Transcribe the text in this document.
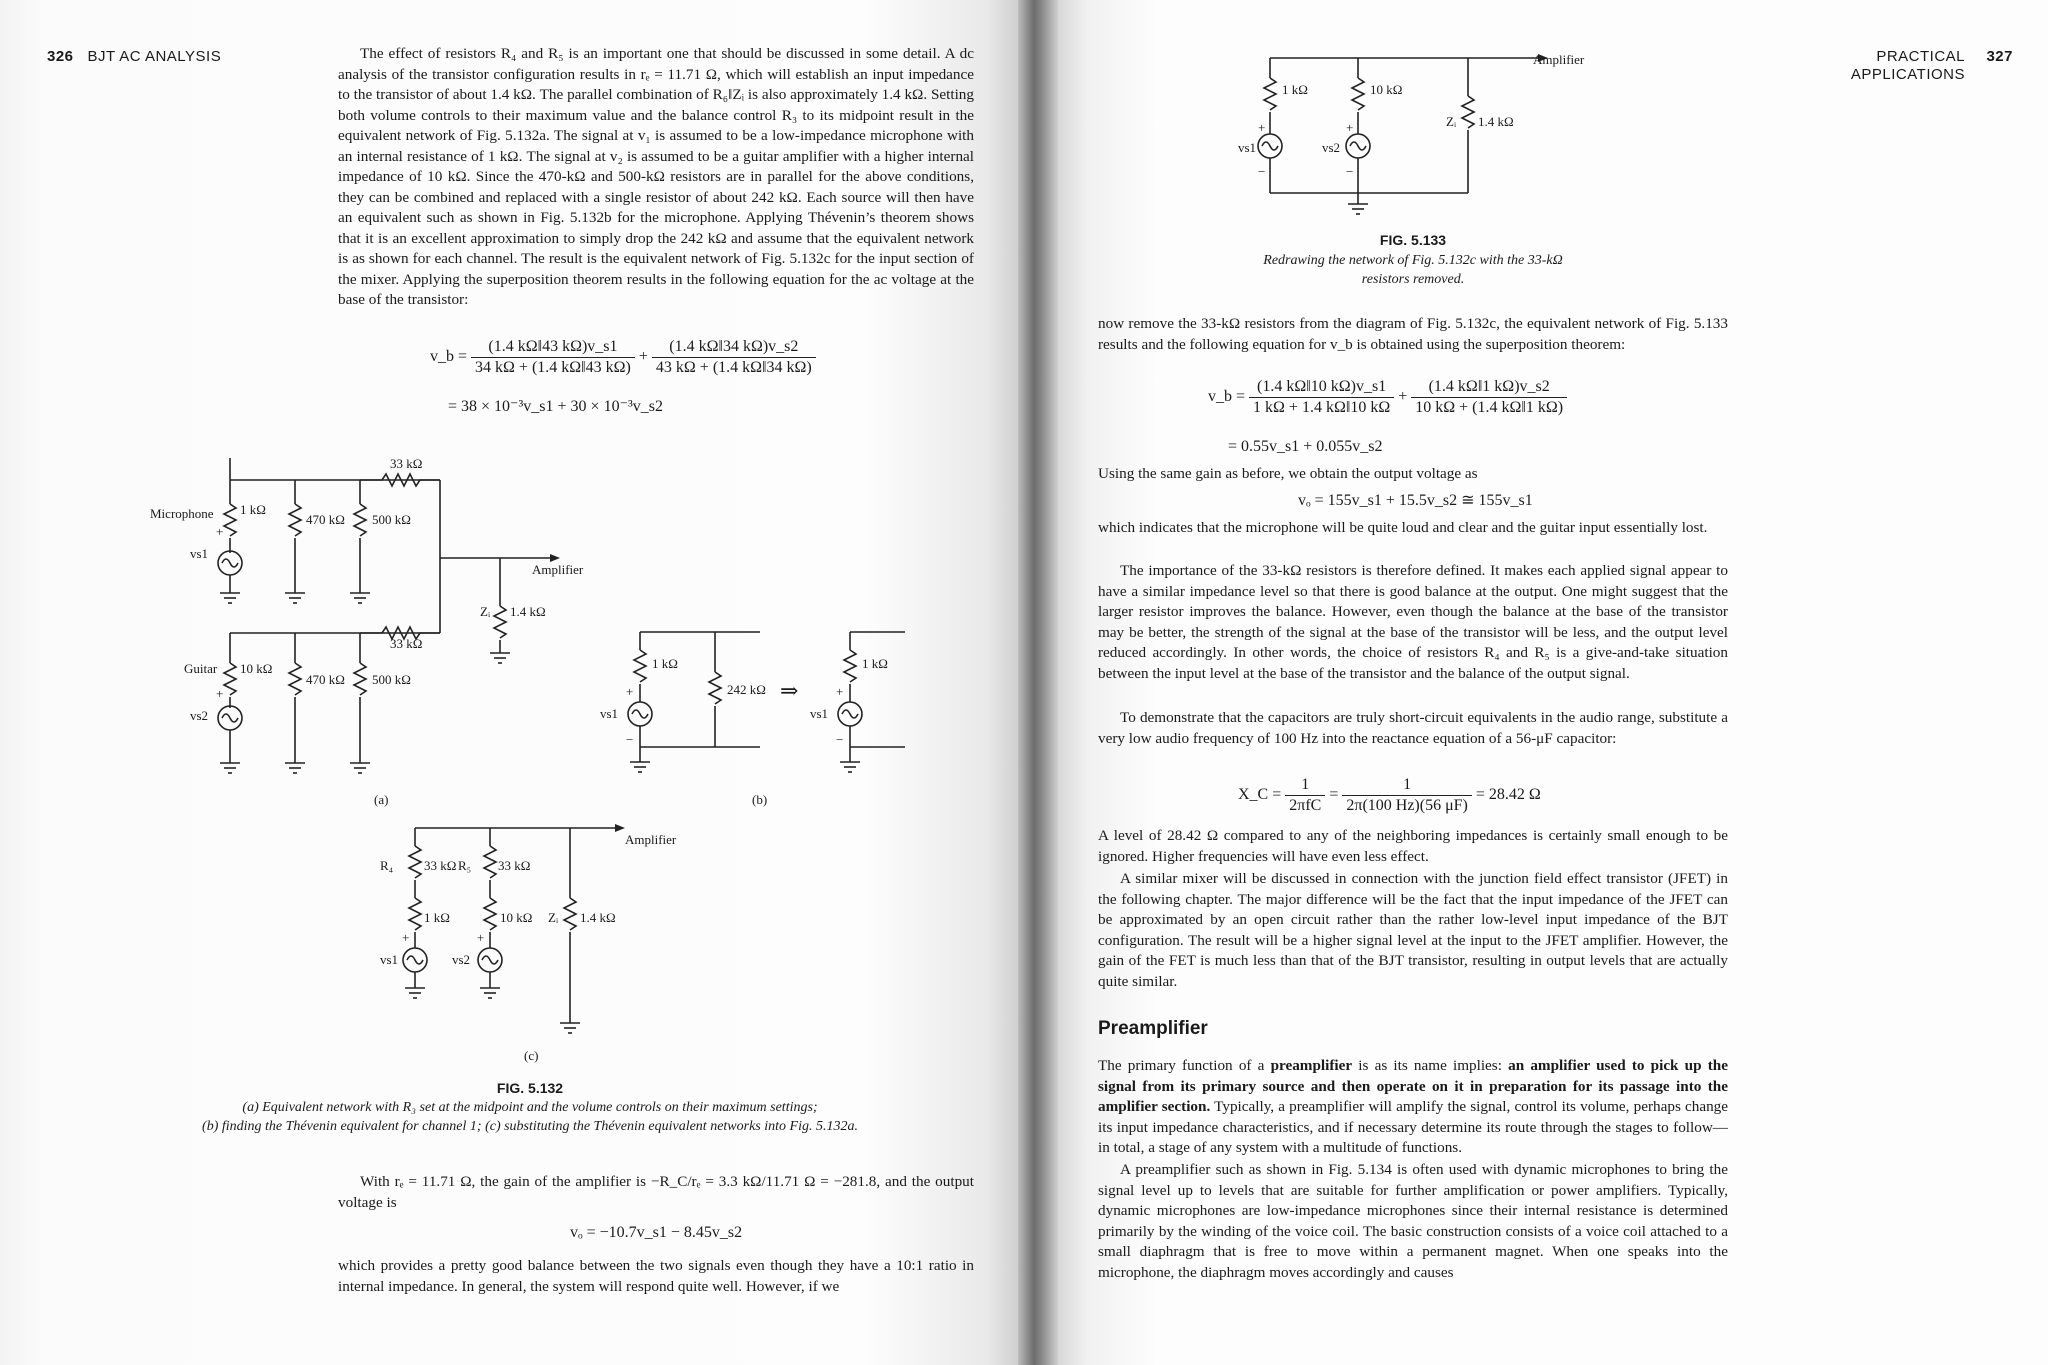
326 BJT AC ANALYSIS	The effect of resistors R₄ and R₅ is an important one that should be discussed in some detail. A dc analysis of the transistor configuration results in rₑ = 11.71 Ω, which will establish an input impedance to the transistor of about 1.4 kΩ. The parallel combination of R₆‖Zᵢ is also approximately 1.4 kΩ. Setting both volume controls to their maximum value and the balance control R₃ to its midpoint result in the equivalent network of Fig. 5.132a. The signal at v₁ is assumed to be a low-impedance microphone with an internal resistance of 1 kΩ. The signal at v₂ is assumed to be a guitar amplifier with a higher internal impedance of 10 kΩ. Since the 470-kΩ and 500-kΩ resistors are in parallel for the above conditions, they can be combined and replaced with a single resistor of about 242 kΩ. Each source will then have an equivalent such as shown in Fig. 5.132b for the microphone. Applying Thévenin’s theorem shows that it is an excellent approximation to simply drop the 242 kΩ and assume that the equivalent network is as shown for each channel. The result is the equivalent network of Fig. 5.132c for the input section of the mixer. Applying the superposition theorem results in the following equation for the ac voltage at the base of the transistor:

v_b = $\frac{(1.4 k\Omega‖43 k\Omega)v\_s1}{34 k\Omega + (1.4 k\Omega‖43 k\Omega)} + \frac{(1.4 k\Omega‖34 k\Omega)v\_s2}{43 k\Omega + (1.4 k\Omega‖34 k\Omega)}$
= 38 × 10⁻³v_s1 + 30 × 10⁻³v_s2
Microphone 1 kΩ
470 kΩ 500 kΩ
33 kΩ
+
vs1
Amplifier
Zᵢ 1.4 kΩ
33 kΩ
Guitar 10 kΩ
470 kΩ 500 kΩ
+
vs2
(a)
1 kΩ
242 kΩ ⇒
1 kΩ
+	+
vs1	vs1
−	−
(b)
R₄ 33 kΩ R₅ 33 kΩ
1 kΩ	10 kΩ Zᵢ 1.4 kΩ
Amplifier
+	+
vs1	vs2
(c)
FIG. 5.132
(a) Equivalent network with R₃ set at the midpoint and the volume controls on their maximum settings;
(b) finding the Thévenin equivalent for channel 1; (c) substituting the Thévenin equivalent networks into Fig. 5.132a.

With rₑ = 11.71 Ω, the gain of the amplifier is −R_C/rₑ = 3.3 kΩ/11.71 Ω = −281.8, and the output voltage is

vₒ = −10.7v_s1 − 8.45v_s2

which provides a pretty good balance between the two signals even though they have a 10:1 ratio in internal impedance. In general, the system will respond quite well. However, if we

PRACTICAL 327
APPLICATIONS
1 kΩ	10 kΩ
Zᵢ 1.4 kΩ
Amplifier
+	+
vs1	vs2
−	−
FIG. 5.133
Redrawing the network of Fig. 5.132c with the 33-kΩ
resistors removed.

now remove the 33-kΩ resistors from the diagram of Fig. 5.132c, the equivalent network of Fig. 5.133 results and the following equation for v_b is obtained using the superposition theorem:

v_b = $\frac{(1.4 k\Omega‖10 k\Omega)v\_s1}{1 k\Omega + 1.4 k\Omega‖10 k\Omega} + \frac{(1.4 k\Omega‖1 k\Omega)v\_s2}{10 k\Omega + (1.4 k\Omega‖1 k\Omega)}$
= 0.55v_s1 + 0.055v_s2

Using the same gain as before, we obtain the output voltage as

vₒ = 155v_s1 + 15.5v_s2 ≅ 155v_s1

which indicates that the microphone will be quite loud and clear and the guitar input essentially lost.

The importance of the 33-kΩ resistors is therefore defined. It makes each applied signal appear to have a similar impedance level so that there is good balance at the output. One might suggest that the larger resistor improves the balance. However, even though the balance at the base of the transistor may be better, the strength of the signal at the base of the transistor will be less, and the output level reduced accordingly. In other words, the choice of resistors R₄ and R₅ is a give-and-take situation between the input level at the base of the transistor and the balance of the output signal.

To demonstrate that the capacitors are truly short-circuit equivalents in the audio range, substitute a very low audio frequency of 100 Hz into the reactance equation of a 56-μF capacitor:

X_C = $\frac{1}{\text{2πfC}} = \frac{1}{2\pi(100 Hz)(56 \mu F)} = 28.42$ Ω

A level of 28.42 Ω compared to any of the neighboring impedances is certainly small enough to be ignored. Higher frequencies will have even less effect.

A similar mixer will be discussed in connection with the junction field effect transistor (JFET) in the following chapter. The major difference will be the fact that the input impedance of the JFET can be approximated by an open circuit rather than the rather low-level input impedance of the BJT configuration. The result will be a higher signal level at the input to the JFET amplifier. However, the gain of the FET is much less than that of the BJT transistor, resulting in output levels that are actually quite similar.

Preamplifier

The primary function of a preamplifier is as its name implies: an amplifier used to pick up the signal from its primary source and then operate on it in preparation for its passage into the amplifier section. Typically, a preamplifier will amplify the signal, control its volume, perhaps change its input impedance characteristics, and if necessary determine its route through the stages to follow—in total, a stage of any system with a multitude of functions.

A preamplifier such as shown in Fig. 5.134 is often used with dynamic microphones to bring the signal level up to levels that are suitable for further amplification or power amplifiers. Typically, dynamic microphones are low-impedance microphones since their internal resistance is determined primarily by the winding of the voice coil. The basic construction consists of a voice coil attached to a small diaphragm that is free to move within a permanent magnet. When one speaks into the microphone, the diaphragm moves accordingly and causes
